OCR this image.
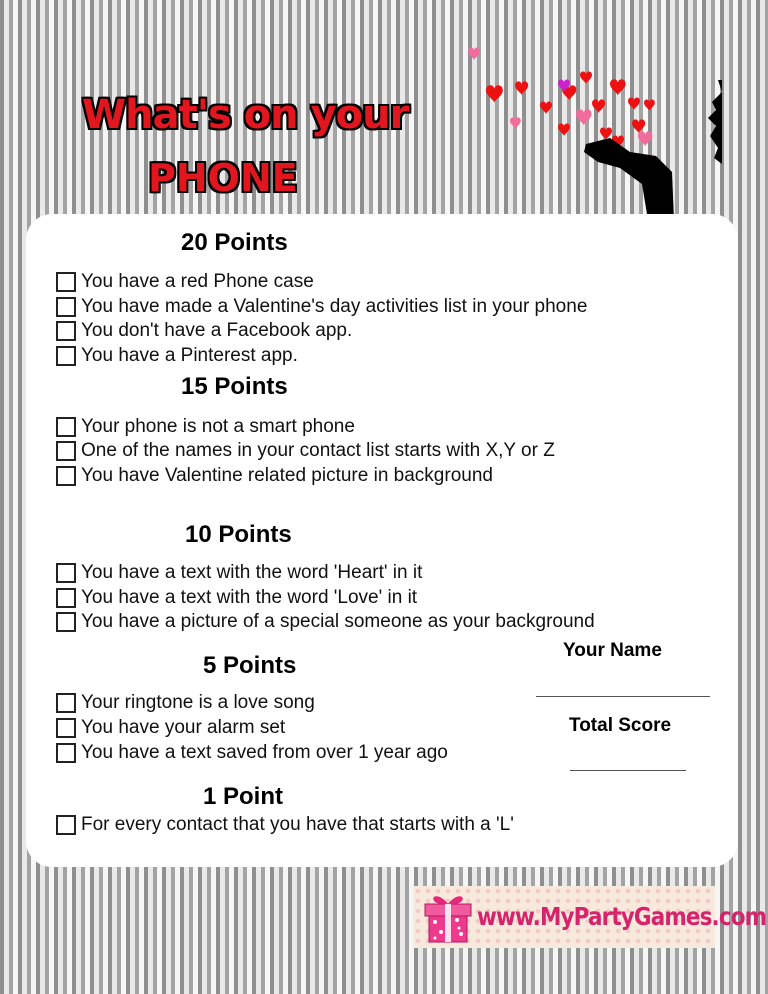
What's on your
PHONE
20 Points
You have a red Phone case
You have made a Valentine's day activities list in your phone
You don't have a Facebook app.
You have a Pinterest app.
15 Points
Your phone is not a smart phone
One of the names in your contact list starts with X,Y or Z
You have Valentine related picture in background
10 Points
You have a text with the word 'Heart' in it
You have a text with the word 'Love' in it
You have a picture of a special someone as your background
5 Points
Your ringtone is a love song
You have your alarm set
You have a text saved from over 1 year ago
1 Point
For every contact that you have that starts with a 'L'
Your Name
Total Score
www.MyPartyGames.com
